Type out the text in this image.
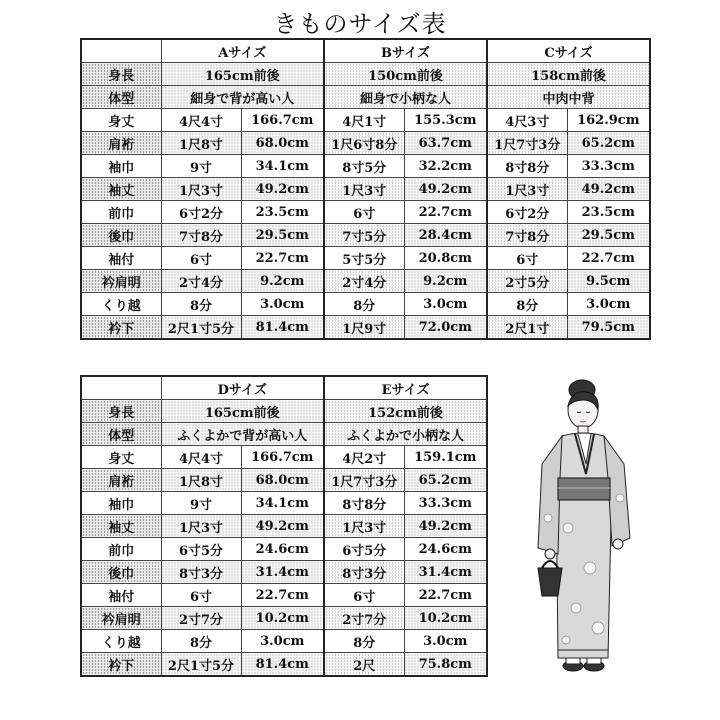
きものサイズ表
	Aサイズ		Bサイズ		Cサイズ	
身長	165cm前後		150cm前後		158cm前後	
体型	細身で背が高い人		細身で小柄な人		中肉中背	
身丈	4尺4寸	166.7cm	4尺1寸	155.3cm	4尺3寸	162.9cm
肩裄	1尺8寸	68.0cm	1尺6寸8分	63.7cm	1尺7寸3分	65.2cm
袖巾	9寸	34.1cm	8寸5分	32.2cm	8寸8分	33.3cm
袖丈	1尺3寸	49.2cm	1尺3寸	49.2cm	1尺3寸	49.2cm
前巾	6寸2分	23.5cm	6寸	22.7cm	6寸2分	23.5cm
後巾	7寸8分	29.5cm	7寸5分	28.4cm	7寸8分	29.5cm
袖付	6寸	22.7cm	5寸5分	20.8cm	6寸	22.7cm
衿肩明	2寸4分	9.2cm	2寸4分	9.2cm	2寸5分	9.5cm
くり越	8分	3.0cm	8分	3.0cm	8分	3.0cm
衿下	2尺1寸5分	81.4cm	1尺9寸	72.0cm	2尺1寸	79.5cm
	Dサイズ		Eサイズ	
身長	165cm前後		152cm前後	
体型	ふくよかで背が高い人		ふくよかで小柄な人	
身丈	4尺4寸	166.7cm	4尺2寸	159.1cm
肩裄	1尺8寸	68.0cm	1尺7寸3分	65.2cm
袖巾	9寸	34.1cm	8寸8分	33.3cm
袖丈	1尺3寸	49.2cm	1尺3寸	49.2cm
前巾	6寸5分	24.6cm	6寸5分	24.6cm
後巾	8寸3分	31.4cm	8寸3分	31.4cm
袖付	6寸	22.7cm	6寸	22.7cm
衿肩明	2寸7分	10.2cm	2寸7分	10.2cm
くり越	8分	3.0cm	8分	3.0cm
衿下	2尺1寸5分	81.4cm	2尺	75.8cm
